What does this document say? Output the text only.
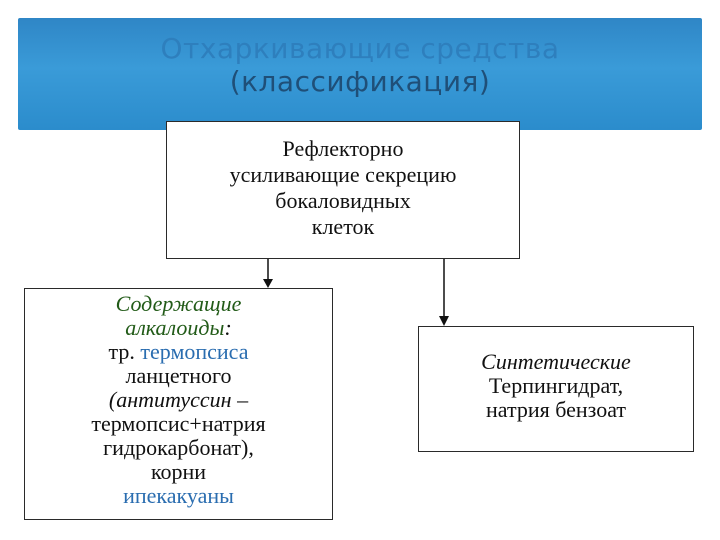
Отхаркивающие средства
(классификация)
Рефлекторно
усиливающие секрецию
бокаловидных
клеток
Содержащие
алкалоиды:
тр. термопсиса
ланцетного
(антитуссин –
термопсис+натрия
гидрокарбонат),
корни
ипекакуаны
Синтетические
Терпингидрат,
натрия бензоат
